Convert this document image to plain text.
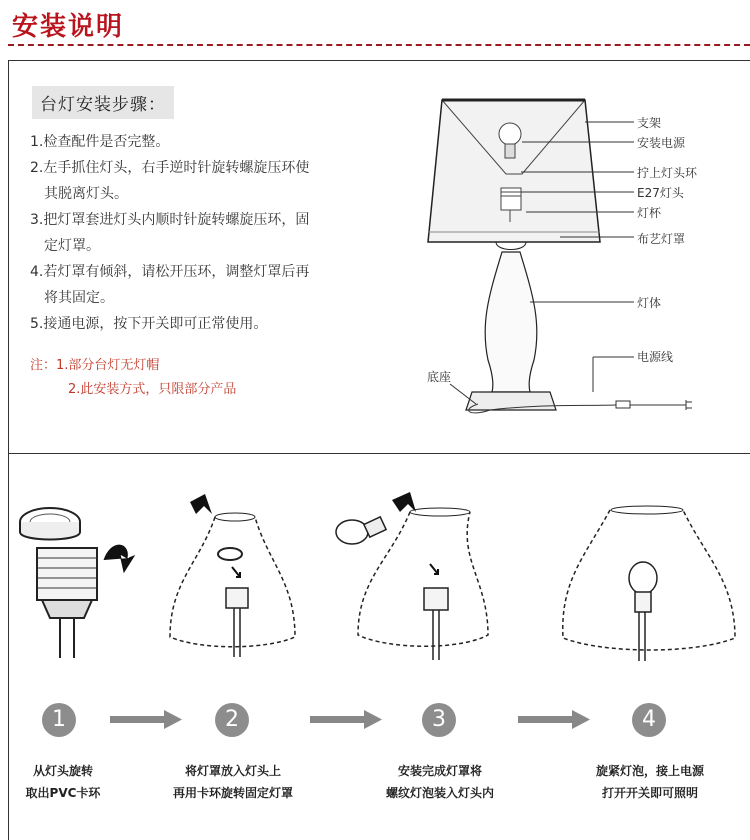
安装说明
台灯安装步骤：
1.检查配件是否完整。
2.左手抓住灯头，右手逆时针旋转螺旋压环使
其脱离灯头。
3.把灯罩套进灯头内顺时针旋转螺旋压环，固
定灯罩。
4.若灯罩有倾斜，请松开压环，调整灯罩后再
将其固定。
5.接通电源，按下开关即可正常使用。
注：1.部分台灯无灯帽
2.此安装方式，只限部分产品
支架
安装电源
拧上灯头环
E27灯头
灯杯
布艺灯罩
灯体
电源线
底座
1	2	3	4
从灯头旋转
取出PVC卡环
将灯罩放入灯头上
再用卡环旋转固定灯罩
安装完成灯罩将
螺纹灯泡装入灯头内
旋紧灯泡，接上电源
打开开关即可照明
